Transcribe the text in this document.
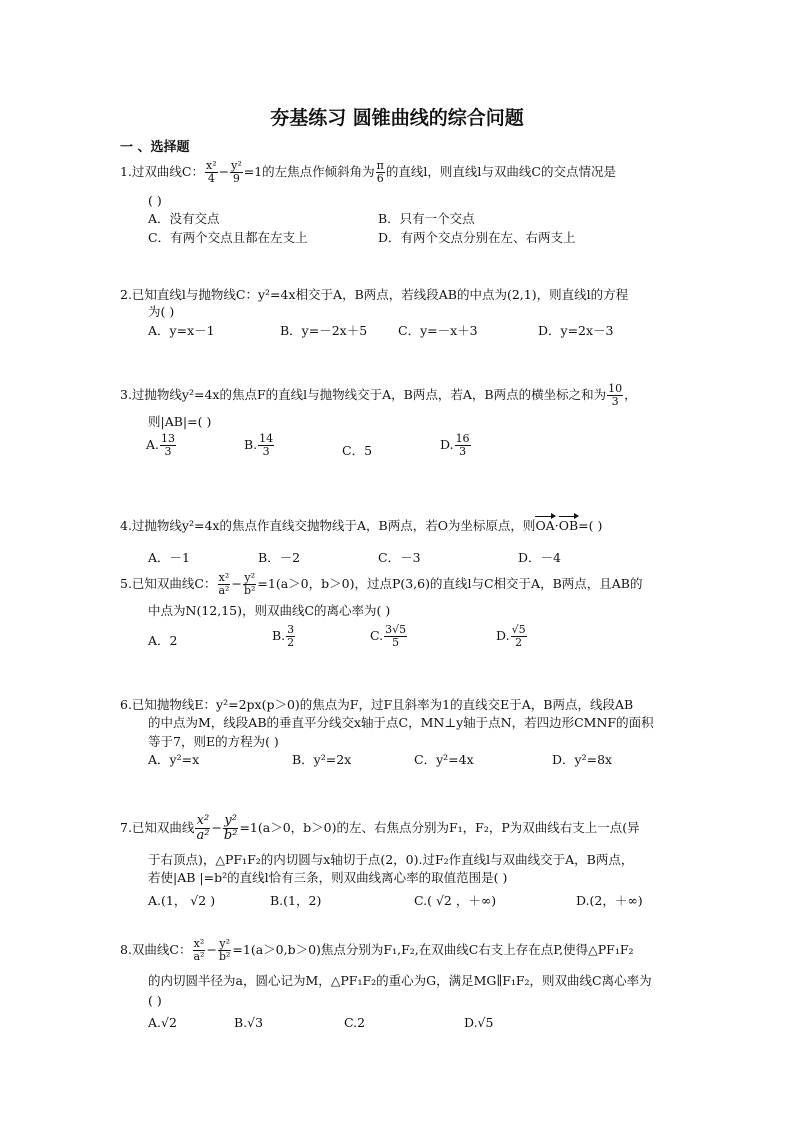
夯基练习 圆锥曲线的综合问题
一 、选择题
1.过双曲线C： $\frac{\text{x²}}{4} - \frac{\text{y²}}{9} =1$的左焦点作倾斜角为 $\frac{\pi}{6}$ 的直线l，则直线l与双曲线C的交点情况是
( )
A．没有交点	B．只有一个交点
C．有两个交点且都在左支上	D．有两个交点分别在左、右两支上
2.已知直线l与抛物线C：y²=4x相交于A，B两点，若线段AB的中点为(2,1)，则直线l的方程
为( )
A．y=x－1	B．y=－2x＋5 C．y=－x＋3	D．y=2x－3
3.过抛物线y²=4x的焦点F的直线l与抛物线交于A，B两点，若A，B两点的横坐标之和为 $\frac{10}{3}$ ，
则|AB|=( )
A. $\frac{13}{3}$	B. $\frac{14}{3}$	C．5	D. $\frac{16}{3}$
4.过抛物线y²=4x的焦点作直线交抛物线于A，B两点，若O为坐标原点，则OA·OB=( )
A．－1	B．－2	C．－3	D．－4
5.已知双曲线C： $\frac{\text{x²}}{\text{a²}} - \frac{\text{y²}}{\text{b²}} =1(a>0$，b＞0)，过点P(3,6)的直线l与C相交于A，B两点，且AB的
中点为N(12,15)，则双曲线C的离心率为( )
A．2	B. $\frac{3}{2}$	C. $\frac{3√5}{5}$	D. $\frac{√5}{2}$
6.已知抛物线E：y²=2px(p＞0)的焦点为F，过F且斜率为1的直线交E于A，B两点，线段AB
的中点为M，线段AB的垂直平分线交x轴于点C，MN⊥y轴于点N，若四边形CMNF的面积
等于7，则E的方程为( )
A．y²=x	B．y²=2x	C．y²=4x	D．y²=8x
7.已知双曲线 $\frac{\text{x²}}{\text{a²}} - \frac{\text{y²}}{\text{b²}} =1(a>0$，b＞0)的左、右焦点分别为F₁，F₂，P为双曲线右支上一点(异
于右顶点)，△PF₁F₂的内切圆与x轴切于点(2，0).过F₂作直线l与双曲线交于A，B两点，
若使|AB |=b²的直线l恰有三条，则双曲线离心率的取值范围是( )
A.(1， √2 )	B.(1，2)	C.( √2 ，＋∞)	D.(2，＋∞)
8.双曲线C： $\frac{\text{x²}}{\text{a²}} - \frac{\text{y²}}{\text{b²}} =1(a>0,b>0)$焦点分别为F₁,F₂,在双曲线C右支上存在点P,使得△PF₁F₂
的内切圆半径为a，圆心记为M，△PF₁F₂的重心为G，满足MG∥F₁F₂，则双曲线C离心率为
( )
A.√2	B.√3	C.2	D.√5
